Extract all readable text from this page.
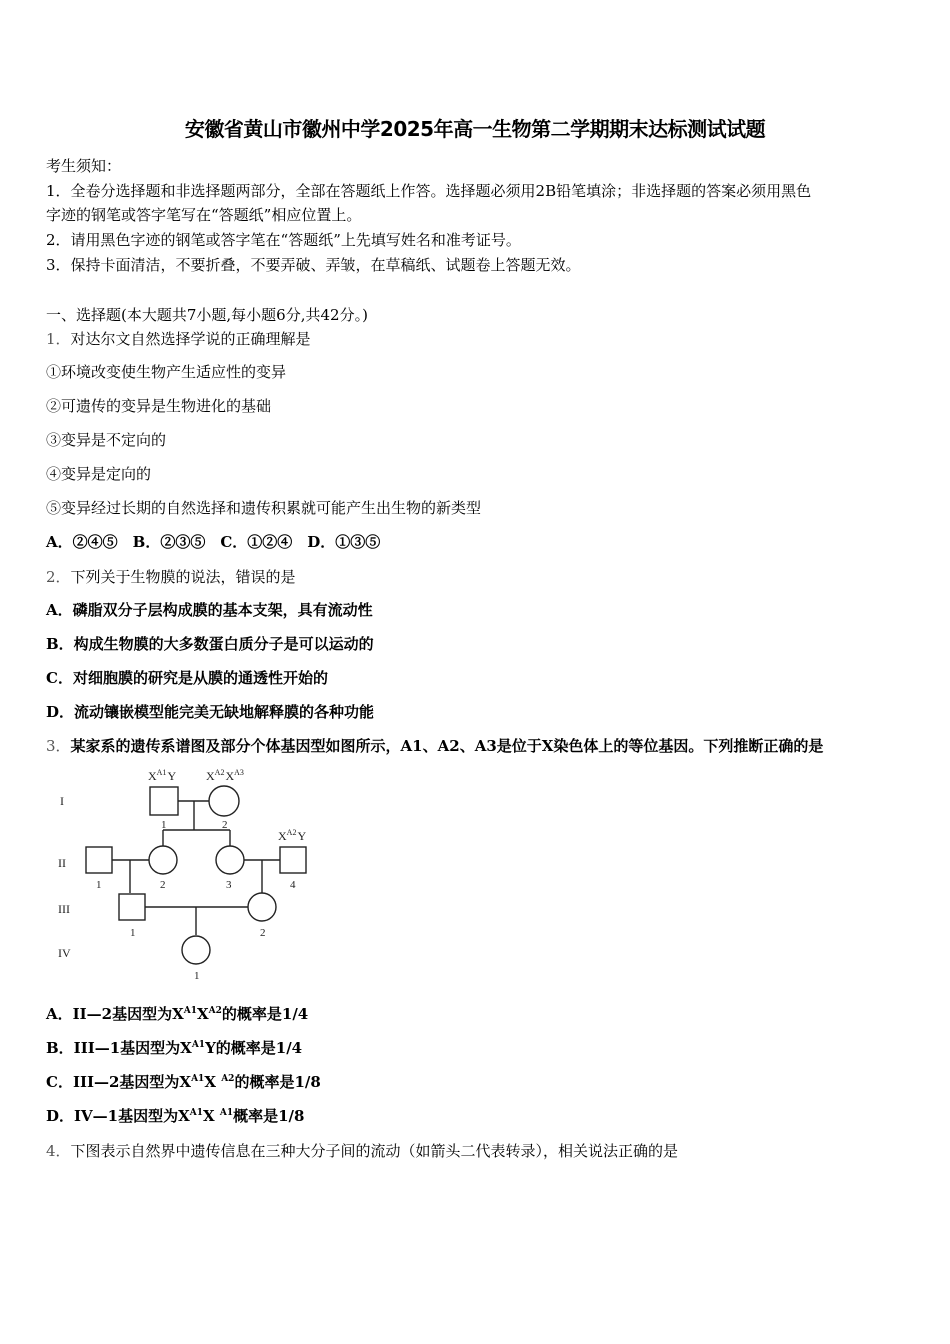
安徽省黄山市徽州中学2025年高一生物第二学期期末达标测试试题
考生须知：
1．全卷分选择题和非选择题两部分，全部在答题纸上作答。选择题必须用2B铅笔填涂；非选择题的答案必须用黑色
字迹的钢笔或答字笔写在“答题纸”相应位置上。
2．请用黑色字迹的钢笔或答字笔在“答题纸”上先填写姓名和准考证号。
3．保持卡面清洁，不要折叠，不要弄破、弄皱，在草稿纸、试题卷上答题无效。
一、选择题(本大题共7小题,每小题6分,共42分。)
1．对达尔文自然选择学说的正确理解是
①环境改变使生物产生适应性的变异
②可遗传的变异是生物进化的基础
③变异是不定向的
④变异是定向的
⑤变异经过长期的自然选择和遗传积累就可能产生出生物的新类型
A．②④⑤　B．②③⑤　C．①②④　D．①③⑤
2．下列关于生物膜的说法，错误的是
A．磷脂双分子层构成膜的基本支架，具有流动性
B．构成生物膜的大多数蛋白质分子是可以运动的
C．对细胞膜的研究是从膜的通透性开始的
D．流动镶嵌模型能完美无缺地解释膜的各种功能
3．某家系的遗传系谱图及部分个体基因型如图所示，A1、A2、A3是位于X染色体上的等位基因。下列推断正确的是
I
II
III
IV
1	2
1	2	3	4
1	2
1
$X^{A1}Y$ $X^{A2}X^{A3}$
$X^{A2}Y$
A．II—2基因型为$X^{A1}X^{A2}$的概率是1/4
B．III—1基因型为$X^{A1}Y$的概率是1/4
C．III—2基因型为$X^{A1}X$ $^{A2}$的概率是1/8
D．IV—1基因型为$X^{A1}X$ $^{A1}$概率是1/8
4．下图表示自然界中遗传信息在三种大分子间的流动（如箭头二代表转录），相关说法正确的是
